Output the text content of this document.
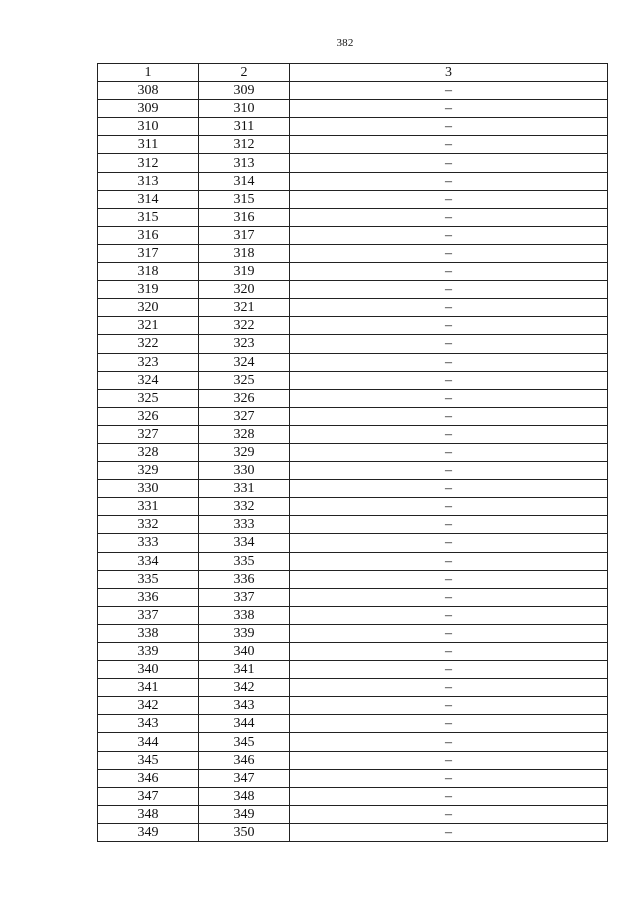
382
1	2	3
308	309	–
309	310	–
310	311	–
311	312	–
312	313	–
313	314	–
314	315	–
315	316	–
316	317	–
317	318	–
318	319	–
319	320	–
320	321	–
321	322	–
322	323	–
323	324	–
324	325	–
325	326	–
326	327	–
327	328	–
328	329	–
329	330	–
330	331	–
331	332	–
332	333	–
333	334	–
334	335	–
335	336	–
336	337	–
337	338	–
338	339	–
339	340	–
340	341	–
341	342	–
342	343	–
343	344	–
344	345	–
345	346	–
346	347	–
347	348	–
348	349	–
349	350	–
